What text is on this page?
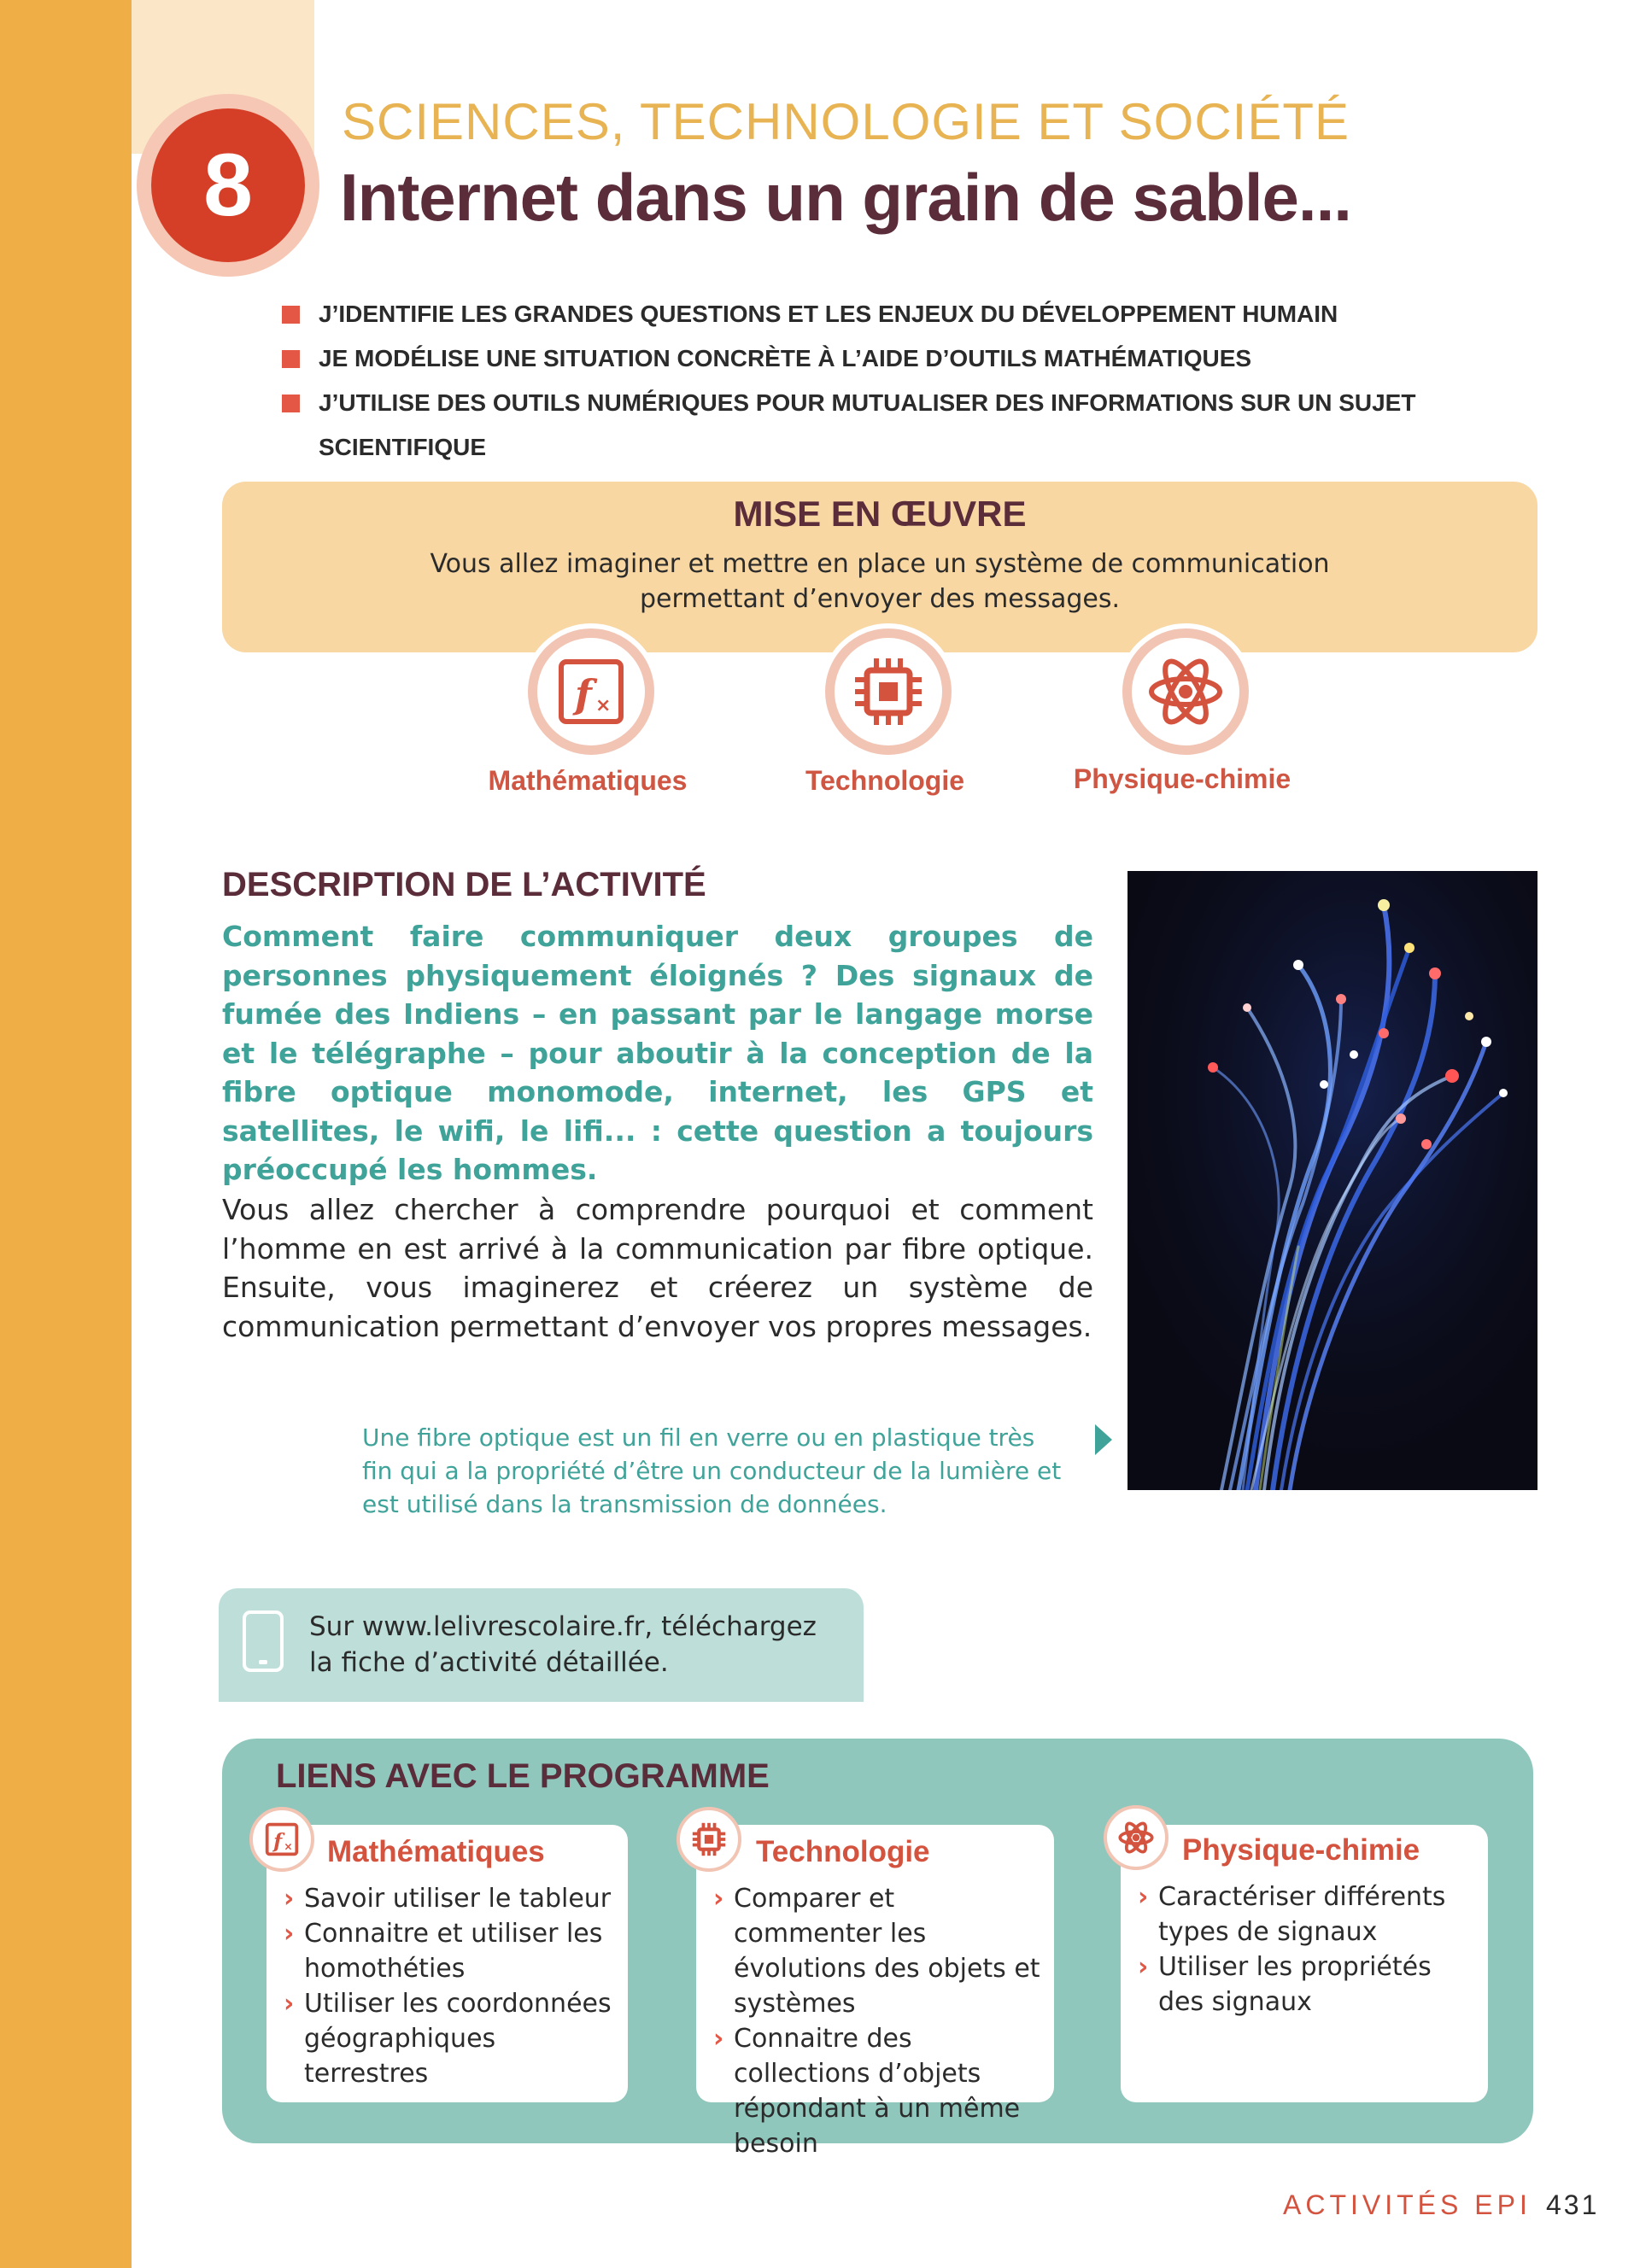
8
SCIENCES, TECHNOLOGIE ET SOCIÉTÉ
Internet dans un grain de sable...
J’IDENTIFIE LES GRANDES QUESTIONS ET LES ENJEUX DU DÉVELOPPEMENT HUMAIN
JE MODÉLISE UNE SITUATION CONCRÈTE À L’AIDE D’OUTILS MATHÉMATIQUES
J’UTILISE DES OUTILS NUMÉRIQUES POUR MUTUALISER DES INFORMATIONS SUR UN SUJET SCIENTIFIQUE
MISE EN ŒUVRE
Vous allez imaginer et mettre en place un système de communication permettant d’envoyer des messages.
f ×
Mathématiques	Technologie	Physique-chimie
DESCRIPTION DE L’ACTIVITÉ
Comment faire communiquer deux groupes de personnes physiquement éloignés ? Des signaux de fumée des Indiens – en passant par le langage morse et le télégraphe – pour aboutir à la conception de la fibre optique monomode, internet, les GPS et satellites, le wifi, le lifi... : cette question a toujours préoccupé les hommes.
Vous allez chercher à comprendre pourquoi et comment l’homme en est arrivé à la communication par fibre optique. Ensuite, vous imaginerez et créerez un système de communication permettant d’envoyer vos propres messages.
Une fibre optique est un fil en verre ou en plastique très fin qui a la propriété d’être un conducteur de la lumière et est utilisé dans la transmission de données.
Sur www.lelivrescolaire.fr, téléchargez la fiche d’activité détaillée.
LIENS AVEC LE PROGRAMME
Mathématiques
› Savoir utiliser le tableur
› Connaitre et utiliser les homothéties
› Utiliser les coordonnées géographiques terrestres
Technologie
› Comparer et commenter les évolutions des objets et systèmes
› Connaitre des collections d’objets répondant à un même besoin
Physique-chimie
› Caractériser différents types de signaux
› Utiliser les propriétés des signaux
f ×
ACTIVITÉS EPI 431
